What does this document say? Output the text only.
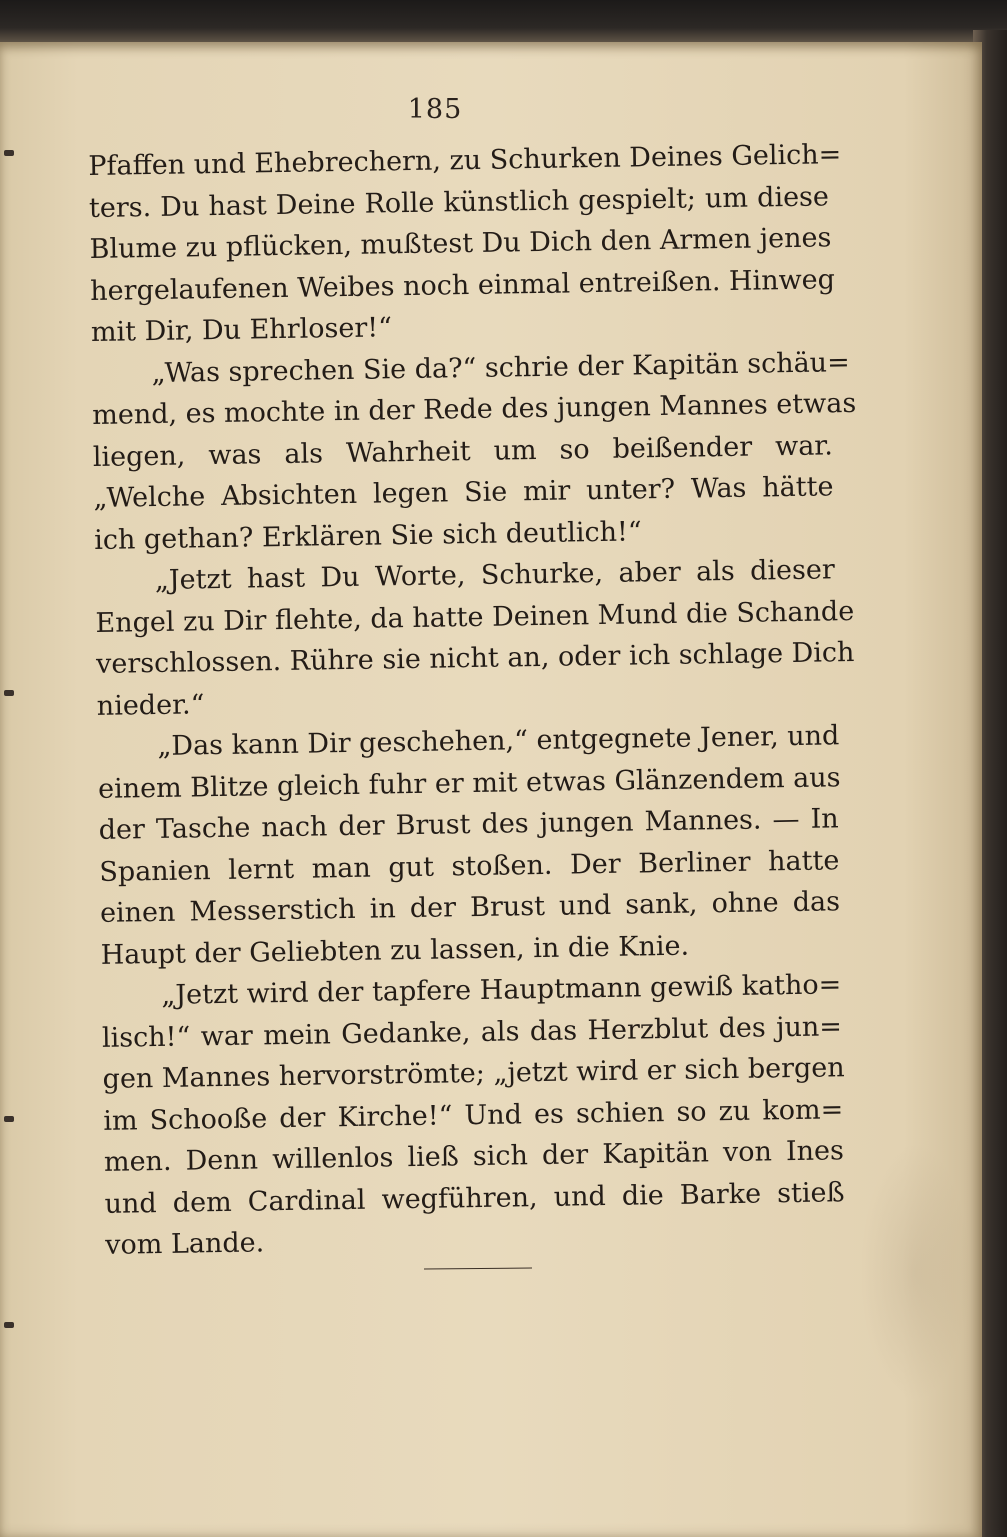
185
Pfaffen und Ehebrechern, zu Schurken Deines Gelich=
ters. Du hast Deine Rolle künstlich gespielt; um diese
Blume zu pflücken, mußtest Du Dich den Armen jenes
hergelaufenen Weibes noch einmal entreißen. Hinweg
mit Dir, Du Ehrloser!“
„Was sprechen Sie da?“ schrie der Kapitän schäu=
mend, es mochte in der Rede des jungen Mannes etwas
liegen, was als Wahrheit um so beißender war.
„Welche Absichten legen Sie mir unter? Was hätte
ich gethan? Erklären Sie sich deutlich!“
„Jetzt hast Du Worte, Schurke, aber als dieser
Engel zu Dir flehte, da hatte Deinen Mund die Schande
verschlossen. Rühre sie nicht an, oder ich schlage Dich
nieder.“
„Das kann Dir geschehen,“ entgegnete Jener, und
einem Blitze gleich fuhr er mit etwas Glänzendem aus
der Tasche nach der Brust des jungen Mannes. — In
Spanien lernt man gut stoßen. Der Berliner hatte
einen Messerstich in der Brust und sank, ohne das
Haupt der Geliebten zu lassen, in die Knie.
„Jetzt wird der tapfere Hauptmann gewiß katho=
lisch!“ war mein Gedanke, als das Herzblut des jun=
gen Mannes hervorströmte; „jetzt wird er sich bergen
im Schooße der Kirche!“ Und es schien so zu kom=
men. Denn willenlos ließ sich der Kapitän von Ines
und dem Cardinal wegführen, und die Barke stieß
vom Lande.
